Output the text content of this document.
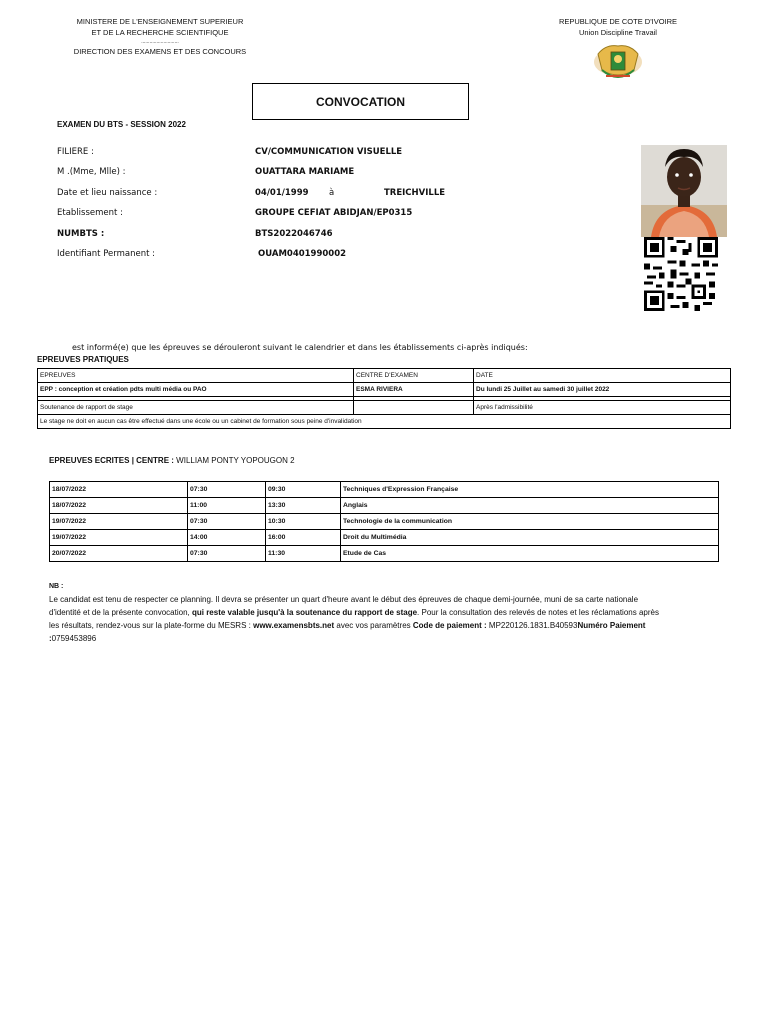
MINISTERE DE L'ENSEIGNEMENT SUPERIEUR
ET DE LA RECHERCHE SCIENTIFIQUE
...........................
DIRECTION DES EXAMENS ET DES CONCOURS
REPUBLIQUE DE COTE D'IVOIRE
Union Discipline Travail
CONVOCATION
EXAMEN DU BTS - SESSION 2022
FILIERE :	CV/COMMUNICATION VISUELLE
M .(Mme, Mlle) :	OUATTARA MARIAME
Date et lieu naissance :	04/01/1999 à	TREICHVILLE
Etablissement :	GROUPE CEFIAT ABIDJAN/EP0315
NUMBTS :	BTS2022046746
Identifiant Permanent :	OUAM0401990002
est informé(e) que les épreuves se dérouleront suivant le calendrier et dans les établissements ci-après indiqués:
EPREUVES PRATIQUES
EPREUVES	CENTRE D'EXAMEN	DATE
EPP : conception et création pdts multi média ou PAO	ESMA RIVIERA	Du lundi 25 Juillet au samedi 30 juillet 2022

Soutenance de rapport de stage		Après l'admissibilité
Le stage ne doit en aucun cas être effectué dans une école ou un cabinet de formation sous peine d'invalidation		
EPREUVES ECRITES | CENTRE : WILLIAM PONTY YOPOUGON 2
18/07/2022	07:30	09:30	Techniques d'Expression Française
18/07/2022	11:00	13:30	Anglais
19/07/2022	07:30	10:30	Technologie de la communication
19/07/2022	14:00	16:00	Droit du Multimédia
20/07/2022	07:30	11:30	Etude de Cas
NB :
Le candidat est tenu de respecter ce planning. Il devra se présenter un quart d'heure avant le début des épreuves de chaque demi-journée, muni de sa carte nationale d'identité et de la présente convocation, qui reste valable jusqu'à la soutenance du rapport de stage. Pour la consultation des relevés de notes et les réclamations après les résultats, rendez-vous sur la plate-forme du MESRS : www.examensbts.net avec vos paramètres Code de paiement : MP220126.1831.B40593Numéro Paiement :0759453896
